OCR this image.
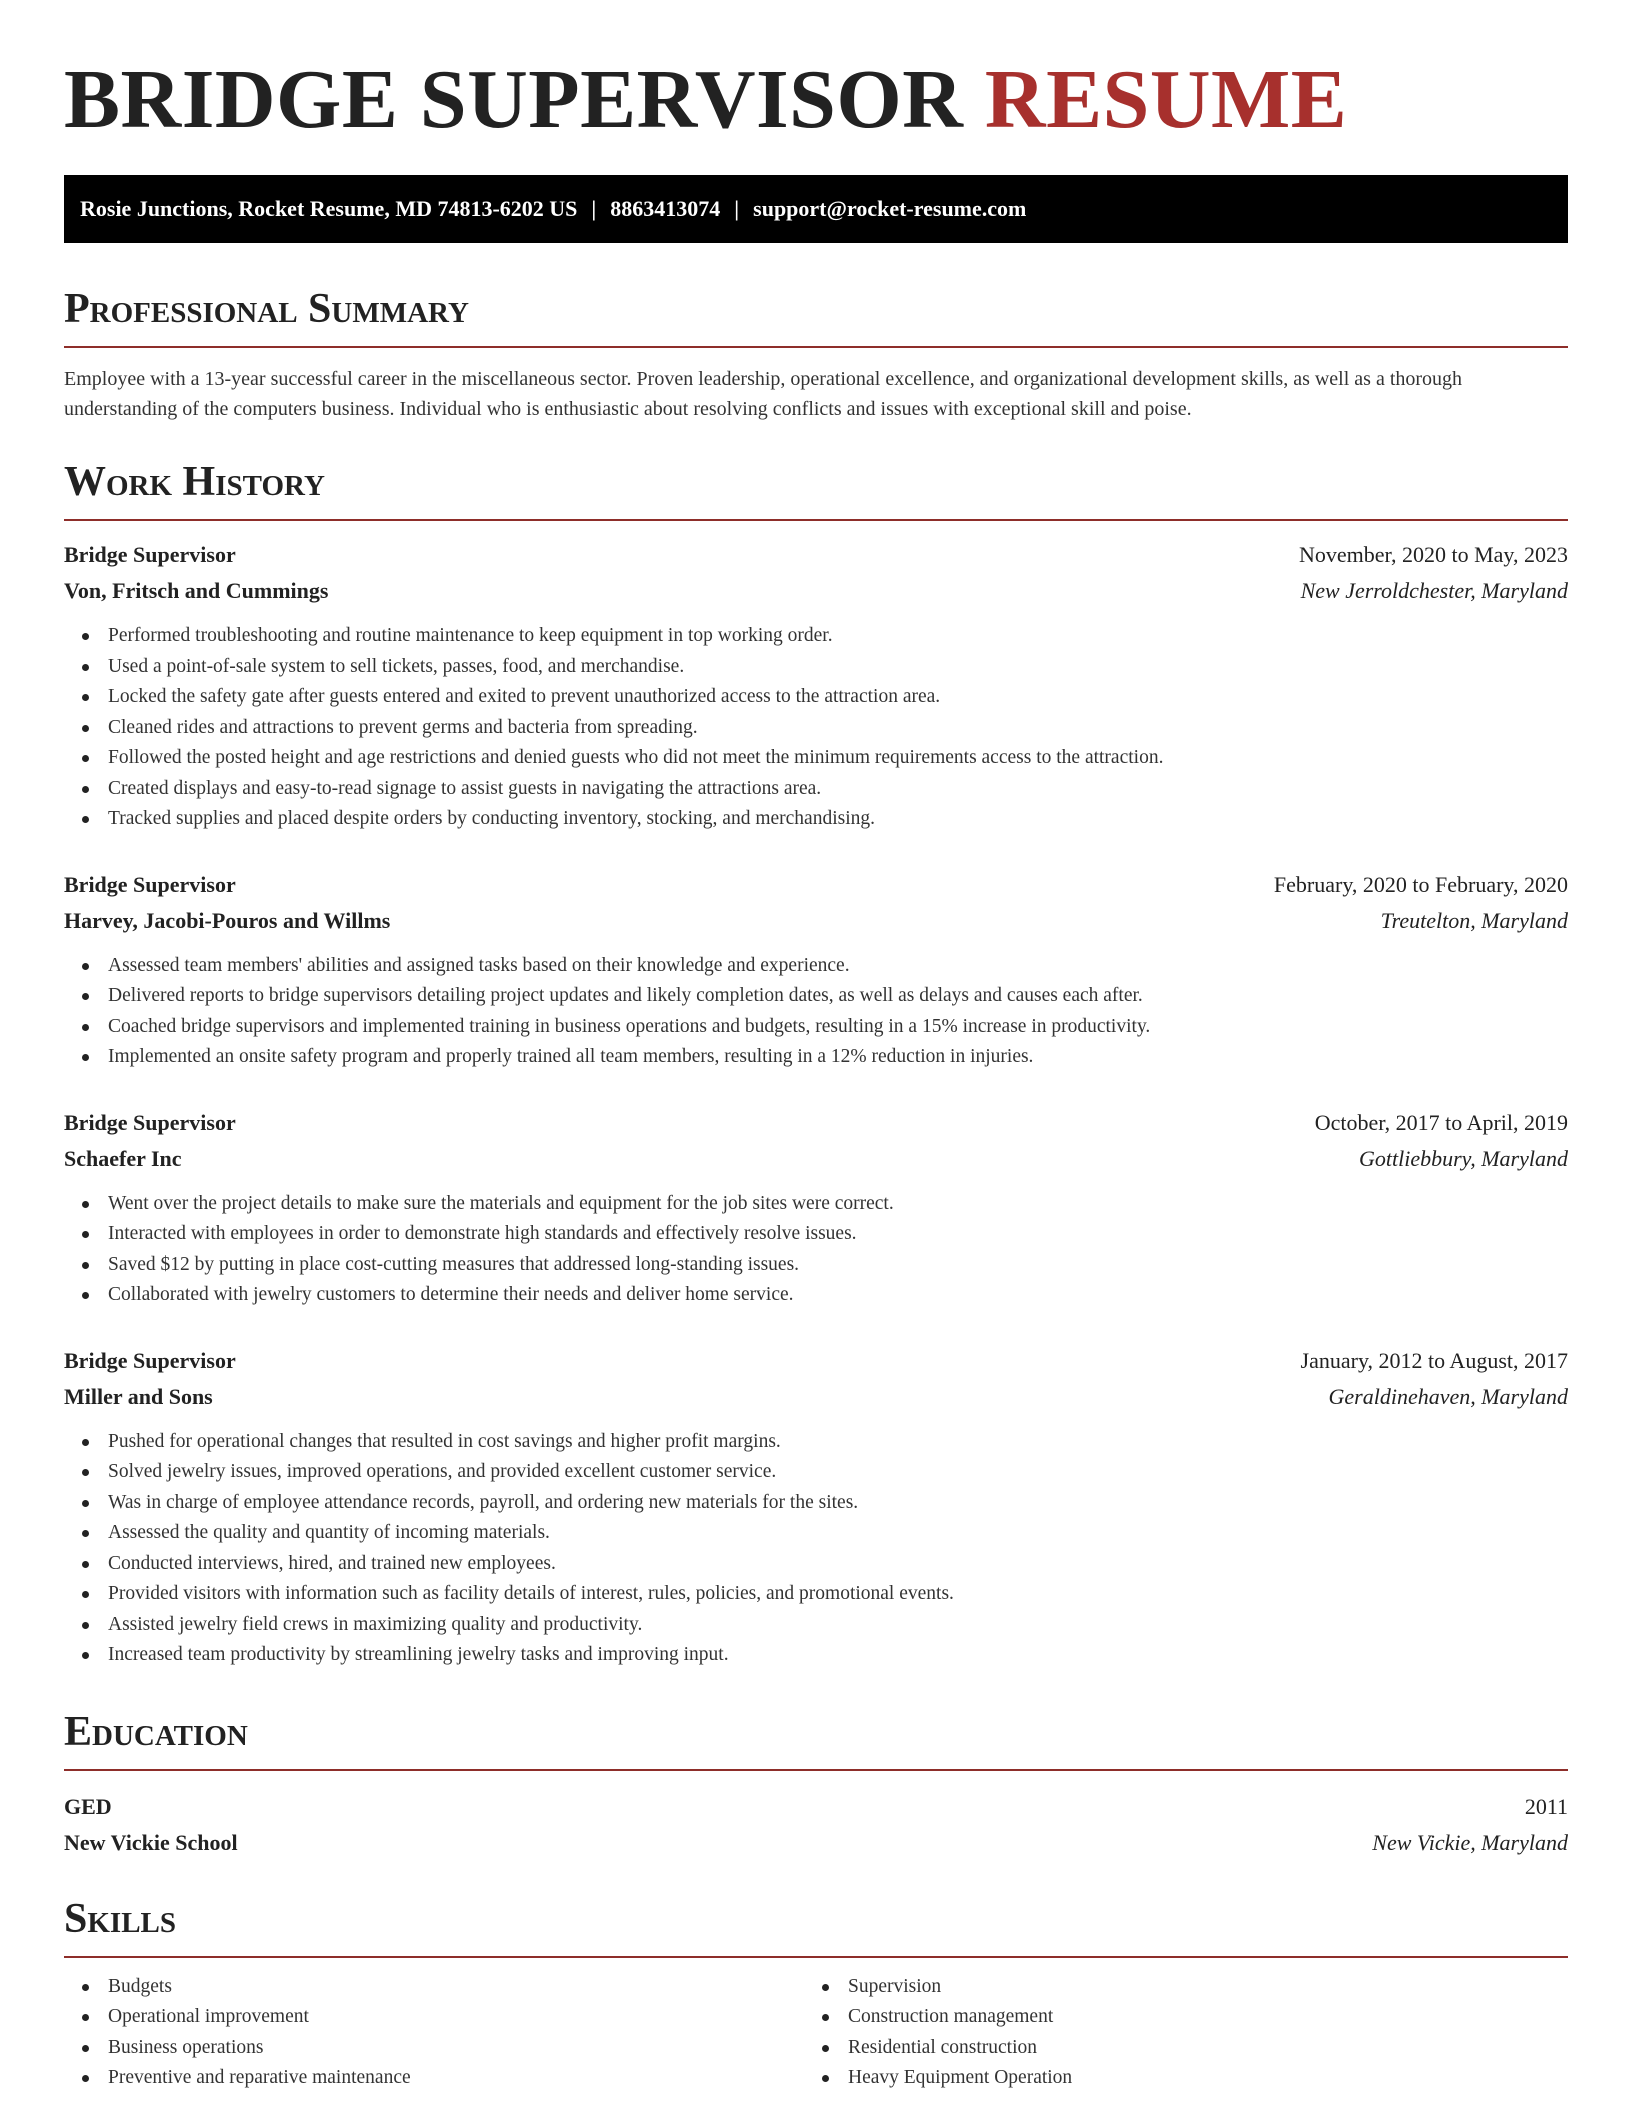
BRIDGE SUPERVISOR RESUME
Rosie Junctions, Rocket Resume, MD 74813-6202 US | 8863413074 | support@rocket-resume.com
Professional Summary
Employee with a 13-year successful career in the miscellaneous sector. Proven leadership, operational excellence, and organizational development skills, as well as a thorough understanding of the computers business. Individual who is enthusiastic about resolving conflicts and issues with exceptional skill and poise.
Work History
Bridge Supervisor	November, 2020 to May, 2023
Von, Fritsch and Cummings	New Jerroldchester, Maryland
Performed troubleshooting and routine maintenance to keep equipment in top working order.
Used a point-of-sale system to sell tickets, passes, food, and merchandise.
Locked the safety gate after guests entered and exited to prevent unauthorized access to the attraction area.
Cleaned rides and attractions to prevent germs and bacteria from spreading.
Followed the posted height and age restrictions and denied guests who did not meet the minimum requirements access to the attraction.
Created displays and easy-to-read signage to assist guests in navigating the attractions area.
Tracked supplies and placed despite orders by conducting inventory, stocking, and merchandising.
Bridge Supervisor	February, 2020 to February, 2020
Harvey, Jacobi-Pouros and Willms	Treutelton, Maryland
Assessed team members' abilities and assigned tasks based on their knowledge and experience.
Delivered reports to bridge supervisors detailing project updates and likely completion dates, as well as delays and causes each after.
Coached bridge supervisors and implemented training in business operations and budgets, resulting in a 15% increase in productivity.
Implemented an onsite safety program and properly trained all team members, resulting in a 12% reduction in injuries.
Bridge Supervisor	October, 2017 to April, 2019
Schaefer Inc	Gottliebbury, Maryland
Went over the project details to make sure the materials and equipment for the job sites were correct.
Interacted with employees in order to demonstrate high standards and effectively resolve issues.
Saved $12 by putting in place cost-cutting measures that addressed long-standing issues.
Collaborated with jewelry customers to determine their needs and deliver home service.
Bridge Supervisor	January, 2012 to August, 2017
Miller and Sons	Geraldinehaven, Maryland
Pushed for operational changes that resulted in cost savings and higher profit margins.
Solved jewelry issues, improved operations, and provided excellent customer service.
Was in charge of employee attendance records, payroll, and ordering new materials for the sites.
Assessed the quality and quantity of incoming materials.
Conducted interviews, hired, and trained new employees.
Provided visitors with information such as facility details of interest, rules, policies, and promotional events.
Assisted jewelry field crews in maximizing quality and productivity.
Increased team productivity by streamlining jewelry tasks and improving input.
Education
GED	2011
New Vickie School	New Vickie, Maryland
Skills
Budgets
Operational improvement
Business operations
Preventive and reparative maintenance
Supervision
Construction management
Residential construction
Heavy Equipment Operation
